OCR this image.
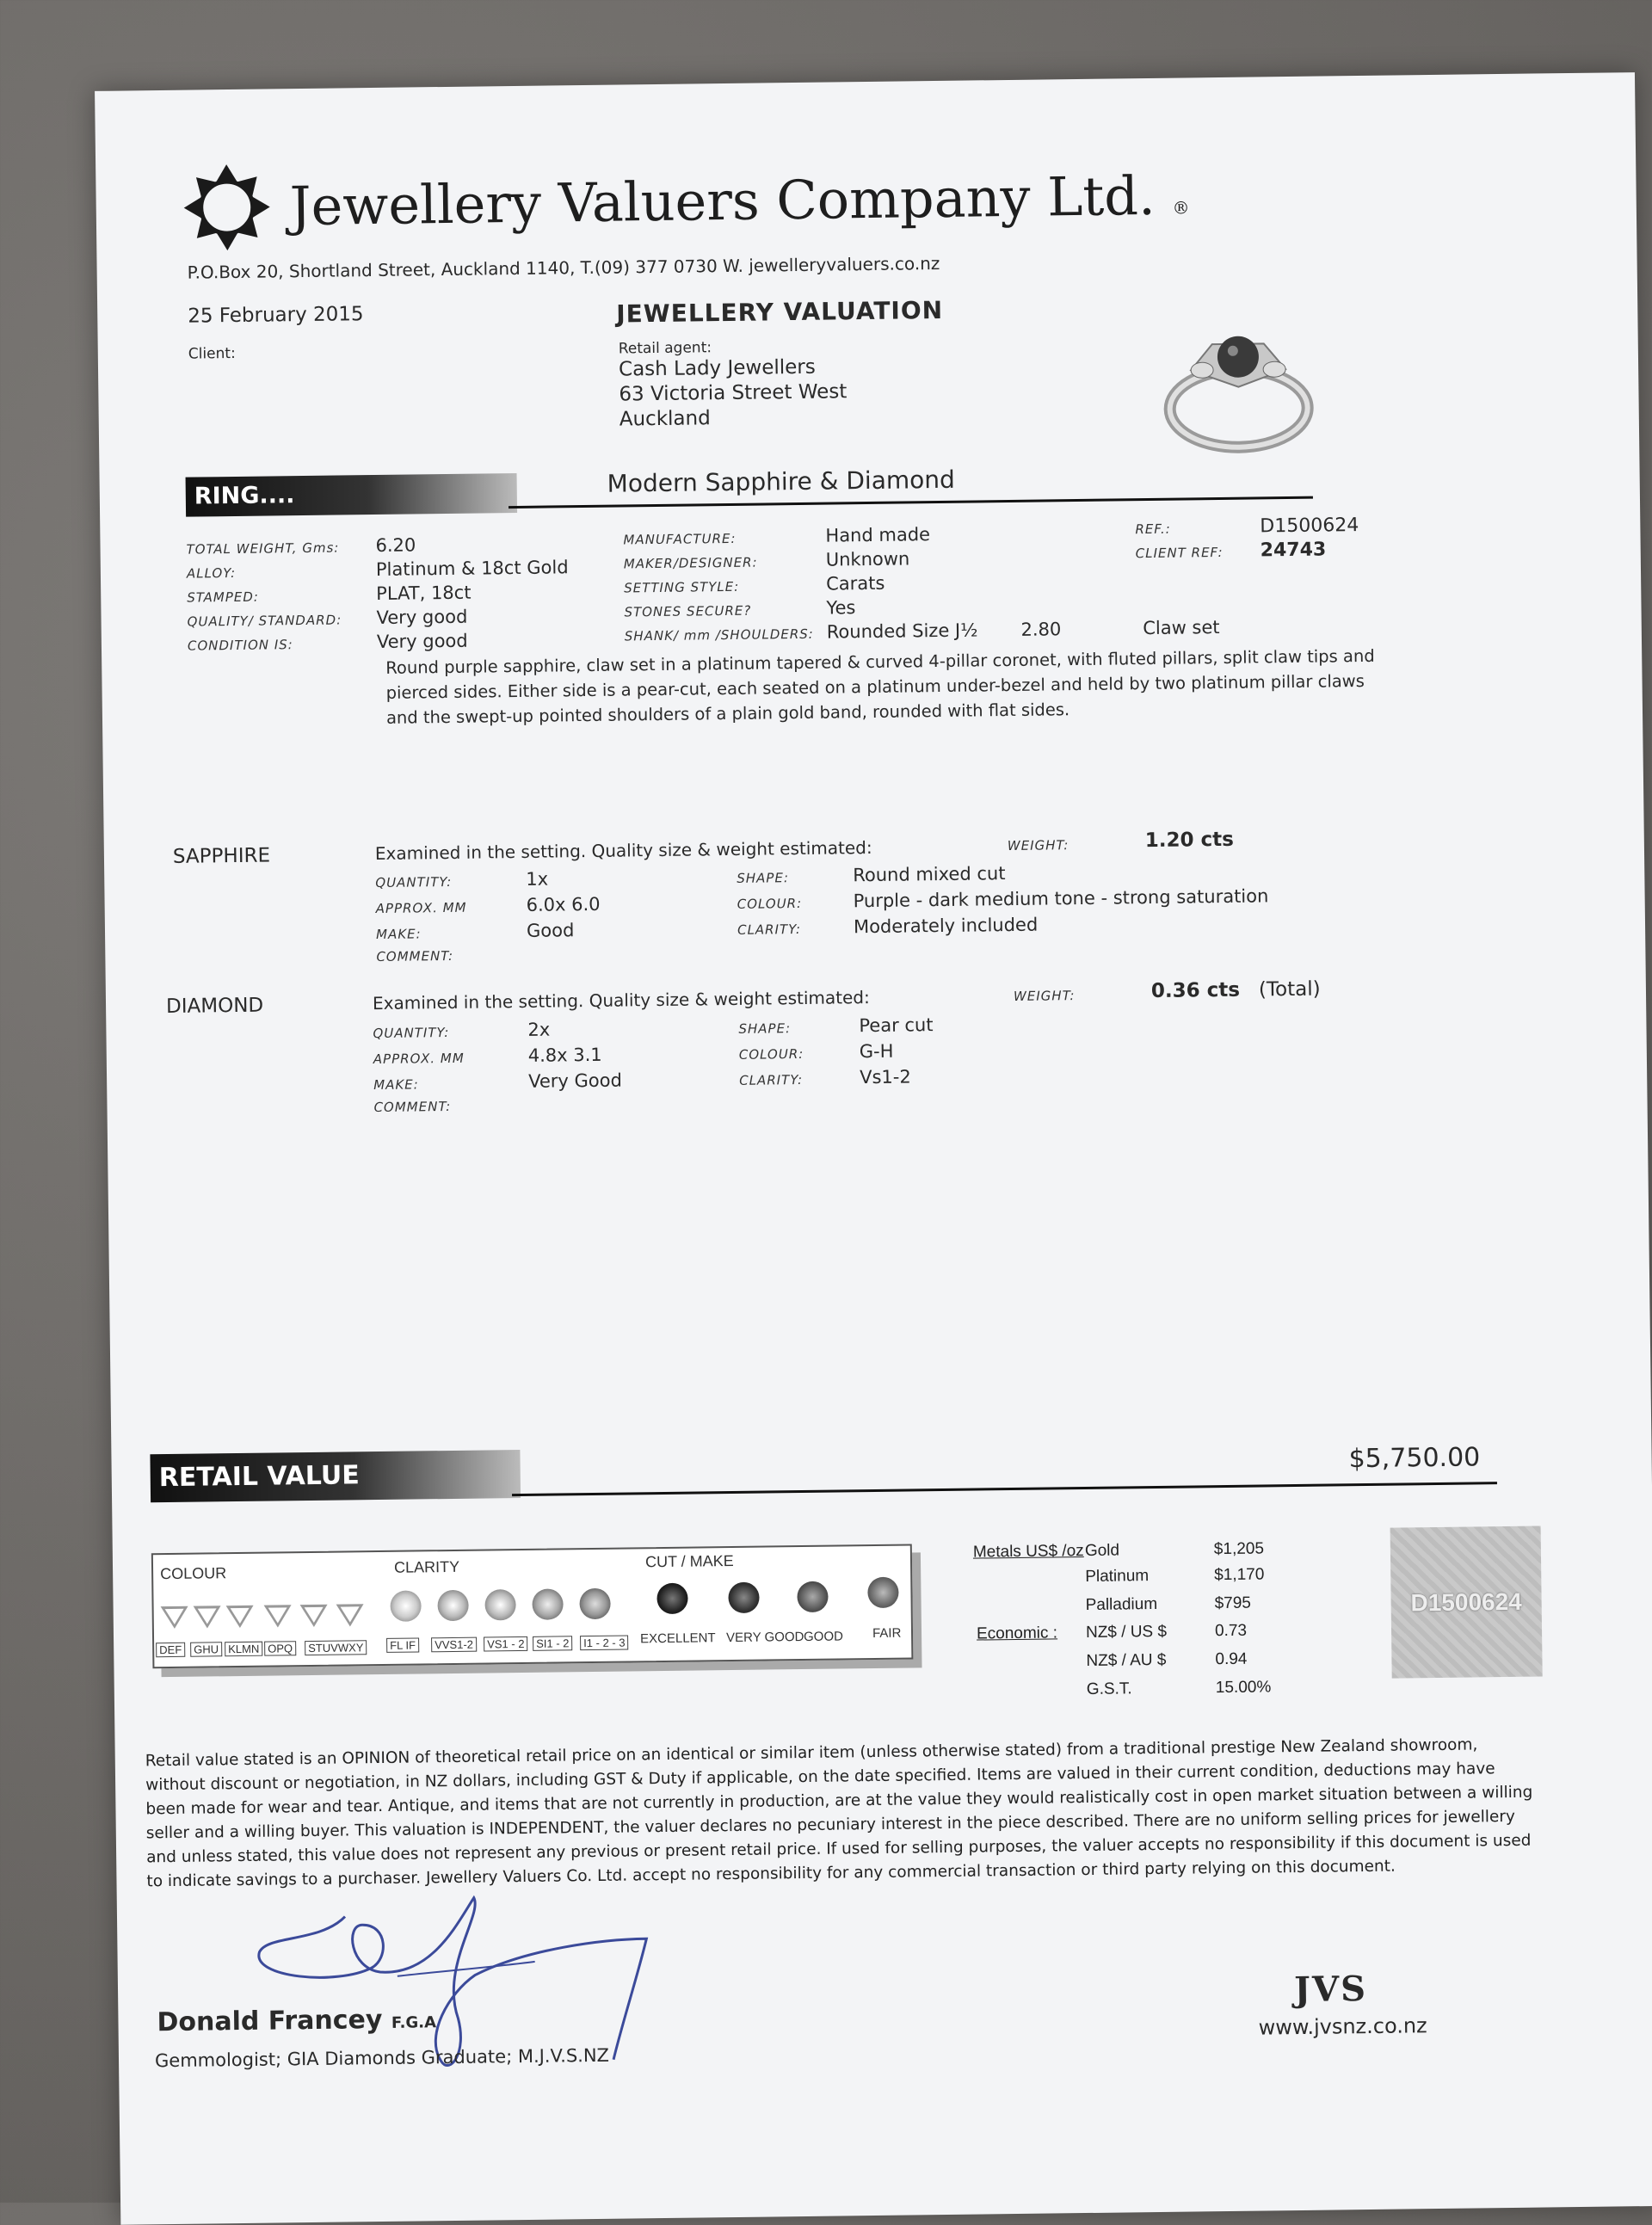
Jewellery Valuers Company Ltd. ®
P.O.Box 20, Shortland Street, Auckland 1140, T.(09) 377 0730 W. jewelleryvaluers.co.nz
25 February 2015
Client:
JEWELLERY VALUATION
Retail agent:
Cash Lady Jewellers
63 Victoria Street West
Auckland
RING....	Modern Sapphire & Diamond
TOTAL WEIGHT, Gms: 6.20
ALLOY:	Platinum & 18ct Gold
STAMPED:	PLAT, 18ct
QUALITY/ STANDARD: Very good
CONDITION IS:	Very good
MANUFACTURE:	Hand made
MAKER/DESIGNER:	Unknown
SETTING STYLE:	Carats
STONES SECURE?	Yes
SHANK/ mm /SHOULDERS: Rounded Size J½ 2.80	Claw set
REF.:	D1500624
CLIENT REF: 24743
Round purple sapphire, claw set in a platinum tapered & curved 4-pillar coronet, with fluted pillars, split claw tips and pierced sides. Either side is a pear-cut, each seated on a platinum under-bezel and held by two platinum pillar claws and the swept-up pointed shoulders of a plain gold band, rounded with flat sides.
SAPPHIRE	Examined in the setting. Quality size & weight estimated:	WEIGHT:	1.20 cts
QUANTITY:	1x
APPROX. MM	6.0x 6.0
MAKE:	Good
COMMENT:
SHAPE:	Round mixed cut
COLOUR:	Purple - dark medium tone - strong saturation
CLARITY:	Moderately included
DIAMOND	Examined in the setting. Quality size & weight estimated:	WEIGHT:	0.36 cts (Total)
QUANTITY:	2x
APPROX. MM	4.8x 3.1
MAKE:	Very Good
COMMENT:
SHAPE:	Pear cut
COLOUR:	G-H
CLARITY:	Vs1-2
RETAIL VALUE
$5,750.00
COLOUR	CLARITY	CUT / MAKE
DEF	GHU KLMN OPQ	STUVWXY	FL IF	VVS1-2	VS1 - 2	SI1 - 2	I1 - 2 - 3 EXCELLENT VERY GOOD GOOD FAIR
Metals US$ /oz Gold	$1,205
Platinum	$1,170
Palladium	$795
Economic : NZ$ / US $	0.73
NZ$ / AU $	0.94
G.S.T.	15.00%
D1500624
Retail value stated is an OPINION of theoretical retail price on an identical or similar item (unless otherwise stated) from a traditional prestige New Zealand showroom, without discount or negotiation, in NZ dollars, including GST & Duty if applicable, on the date specified. Items are valued in their current condition, deductions may have been made for wear and tear. Antique, and items that are not currently in production, are at the value they would realistically cost in open market situation between a willing seller and a willing buyer. This valuation is INDEPENDENT, the valuer declares no pecuniary interest in the piece described. There are no uniform selling prices for jewellery and unless stated, this value does not represent any previous or present retail price. If used for selling purposes, the valuer accepts no responsibility if this document is used to indicate savings to a purchaser. Jewellery Valuers Co. Ltd. accept no responsibility for any commercial transaction or third party relying on this document.
Donald Francey F.G.A
Gemmologist; GIA Diamonds Graduate; M.J.V.S.NZ
JVS
www.jvsnz.co.nz
